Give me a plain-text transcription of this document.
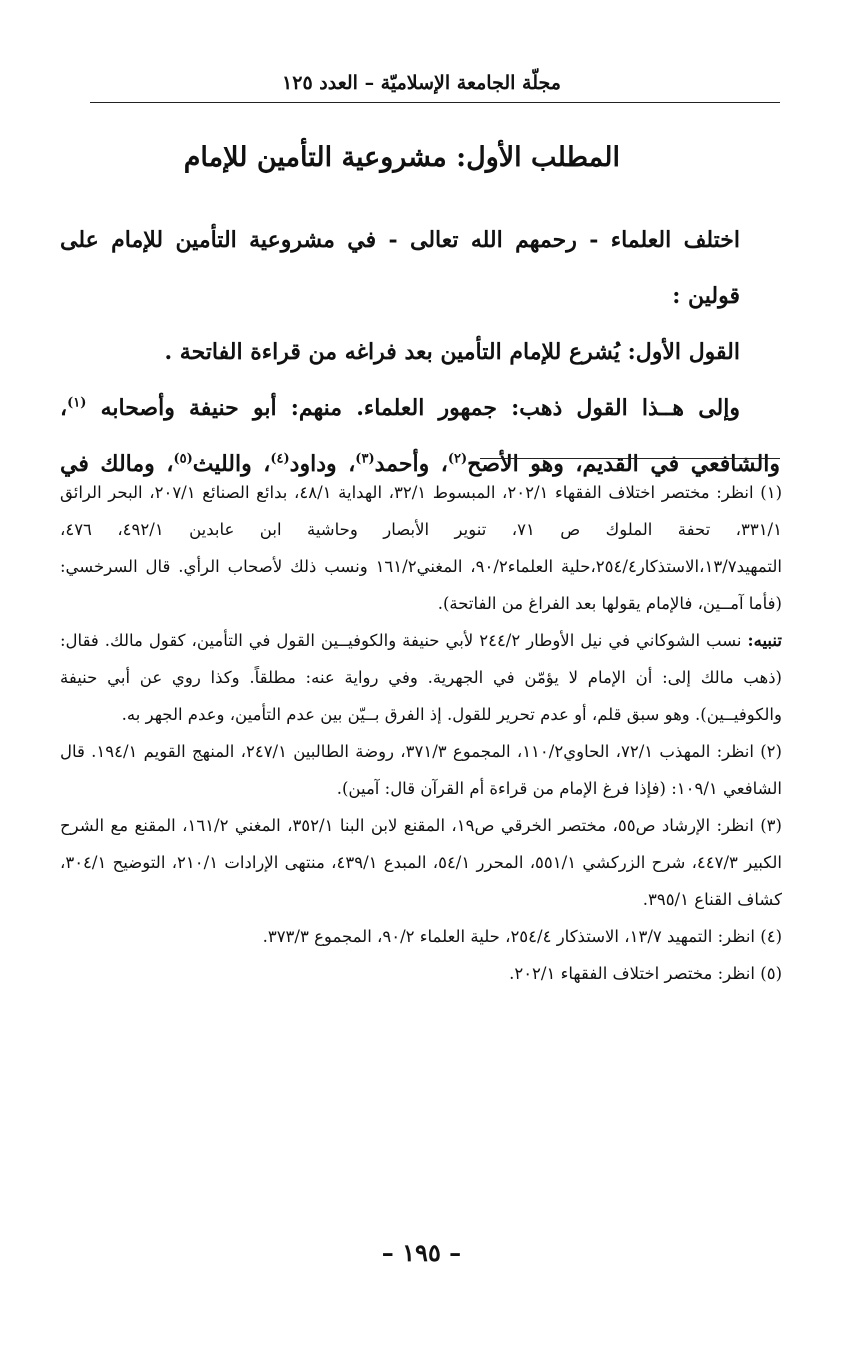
مجلّة الجامعة الإسلاميّة – العدد ١٢٥
المطلب الأول: مشروعية التأمين للإمام

اختلف العلماء - رحمهم الله تعالى - في مشروعية التأمين للإمام على قولين :

القول الأول: يُشرع للإمام التأمين بعد فراغه من قراءة الفاتحة .

وإلى هــذا القول ذهب: جمهور العلماء. منهم: أبو حنيفة وأصحابه $^{(١)}$،

والشافعي في القديم، وهو الأصح$^{(٢)}$، وأحمد$^{(٣)}$، وداود$^{(٤)}$، والليث$^{(٥)}$، ومالك في

(١) انظر: مختصر اختلاف الفقهاء ٢٠٢/١، المبسوط ٣٢/١، الهداية ٤٨/١، بدائع الصنائع ٢٠٧/١، البحر الرائق ٣٣١/١، تحفة الملوك ص ٧١، تنوير الأبصار وحاشية ابن عابدين ٤٩٢/١، ٤٧٦، التمهيد١٣/٧،الاستذكار٢٥٤/٤،حلية العلماء٩٠/٢، المغني١٦١/٢ ونسب ذلك لأصحاب الرأي. قال السرخسي: (فأما آمــين، فالإمام يقولها بعد الفراغ من الفاتحة).

تنبيه: نسب الشوكاني في نيل الأوطار ٢٤٤/٢ لأبي حنيفة والكوفيــين القول في التأمين، كقول مالك. فقال: (ذهب مالك إلى: أن الإمام لا يؤمّن في الجهرية. وفي رواية عنه: مطلقاً. وكذا روي عن أبي حنيفة والكوفيــين). وهو سبق قلم، أو عدم تحرير للقول. إذ الفرق بــيّن بين عدم التأمين، وعدم الجهر به.

(٢) انظر: المهذب ٧٢/١، الحاوي١١٠/٢، المجموع ٣٧١/٣، روضة الطالبين ٢٤٧/١، المنهج القويم ١٩٤/١. قال الشافعي ١٠٩/١: (فإذا فرغ الإمام من قراءة أم القرآن قال: آمين).

(٣) انظر: الإرشاد ص٥٥، مختصر الخرقي ص١٩، المقنع لابن البنا ٣٥٢/١، المغني ١٦١/٢، المقنع مع الشرح الكبير ٤٤٧/٣، شرح الزركشي ٥٥١/١، المحرر ٥٤/١، المبدع ٤٣٩/١، منتهى الإرادات ٢١٠/١، التوضيح ٣٠٤/١، كشاف القناع ٣٩٥/١.

(٤) انظر: التمهيد ١٣/٧، الاستذكار ٢٥٤/٤، حلية العلماء ٩٠/٢، المجموع ٣٧٣/٣.

(٥) انظر: مختصر اختلاف الفقهاء ٢٠٢/١.

– ١٩٥ –
